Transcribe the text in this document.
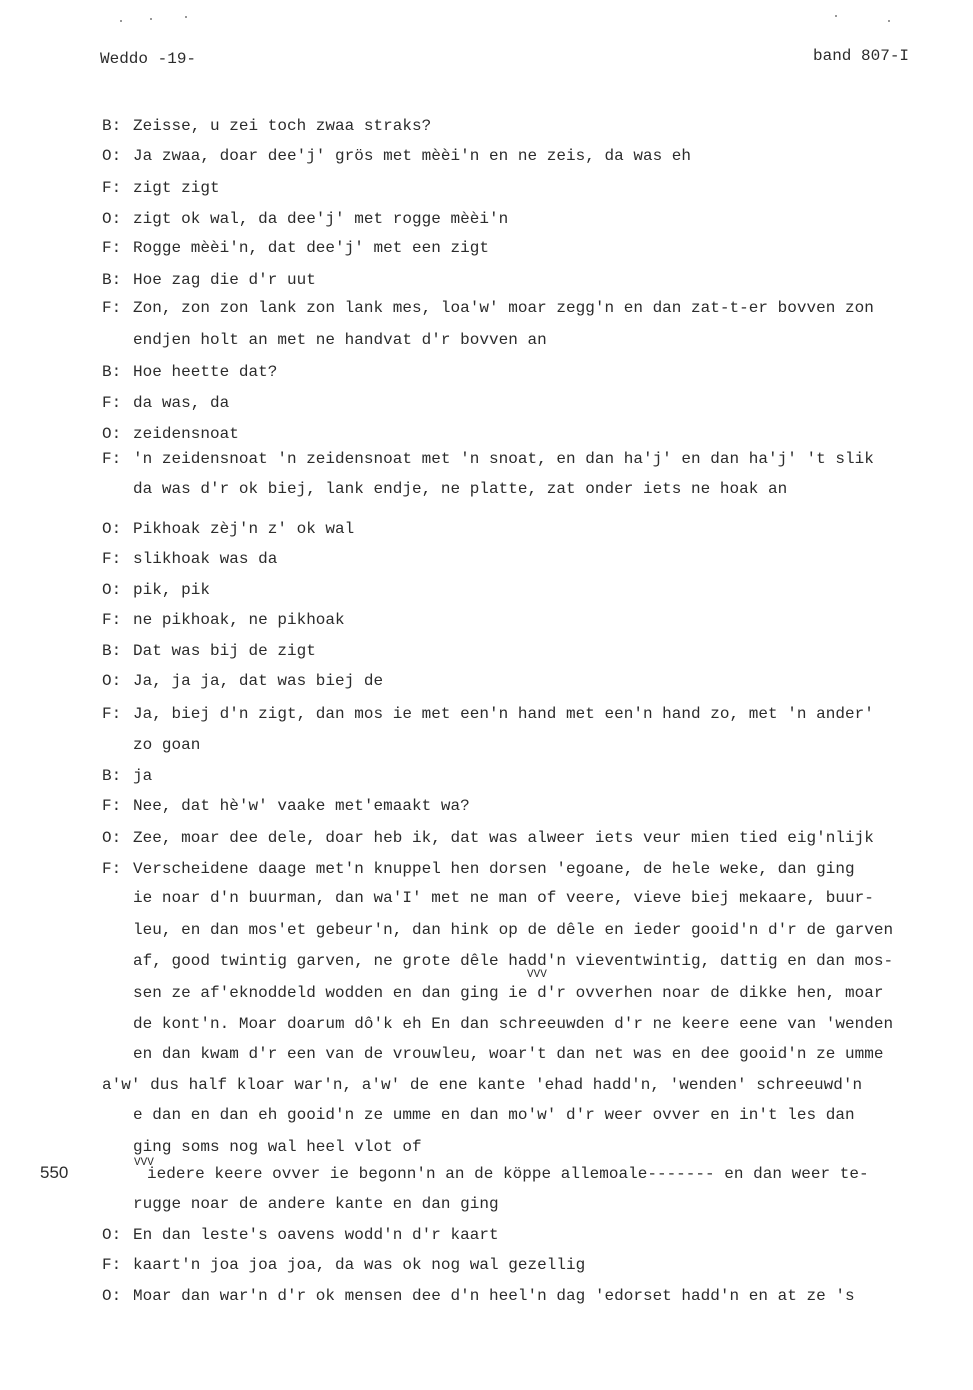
Weddo -19-	band 807-I
B: Zeisse, u zei toch zwaa straks?
O: Ja zwaa, doar dee'j' grös met mèèi'n en ne zeis, da was eh
F: zigt zigt
O: zigt ok wal, da dee'j' met rogge mèèi'n
F: Rogge mèèi'n, dat dee'j' met een zigt
B: Hoe zag die d'r uut
F: Zon, zon zon lank zon lank mes, loa'w' moar zegg'n en dan zat-t-er bovven zon
endjen holt an met ne handvat d'r bovven an
B: Hoe heette dat?
F: da was, da
O: zeidensnoat
F: 'n zeidensnoat 'n zeidensnoat met 'n snoat, en dan ha'j' en dan ha'j' 't slik
da was d'r ok biej, lank endje, ne platte, zat onder iets ne hoak an
O: Pikhoak zèj'n z' ok wal
F: slikhoak was da
O: pik, pik
F: ne pikhoak, ne pikhoak
B: Dat was bij de zigt
O: Ja, ja ja, dat was biej de
F: Ja, biej d'n zigt, dan mos ie met een'n hand met een'n hand zo, met 'n ander'
zo goan
B: ja
F: Nee, dat hè'w' vaake met'emaakt wa?
O: Zee, moar dee dele, doar heb ik, dat was alweer iets veur mien tied eig'nlijk
F: Verscheidene daage met'n knuppel hen dorsen 'egoane, de hele weke, dan ging
ie noar d'n buurman, dan wa'I' met ne man of veere, vieve biej mekaare, buur-
leu, en dan mos'et gebeur'n, dan hink op de dêle en ieder gooid'n d'r de garven
af, good twintig garven, ne grote dêle hadd'n vieventwintig, dattig en dan mos-
sen ze af'eknoddeld wodden en dan ging ie d'r ovverhen noar de dikke hen, moar
de kont'n. Moar doarum dô'k eh En dan schreeuwden d'r ne keere eene van 'wenden
en dan kwam d'r een van de vrouwleu, woar't dan net was en dee gooid'n ze umme
a'w' dus half kloar war'n, a'w' de ene kante 'ehad hadd'n, 'wenden' schreeuwd'n
e dan en dan eh gooid'n ze umme en dan mo'w' d'r weer ovver en in't les dan
ging soms nog wal heel vlot of
iedere keere ovver ie begonn'n an de köppe allemoale------- en dan weer te-
rugge noar de andere kante en dan ging
O: En dan leste's oavens wodd'n d'r kaart
F: kaart'n joa joa joa, da was ok nog wal gezellig
O: Moar dan war'n d'r ok mensen dee d'n heel'n dag 'edorset hadd'n en at ze 's
550
VVV
VVV
